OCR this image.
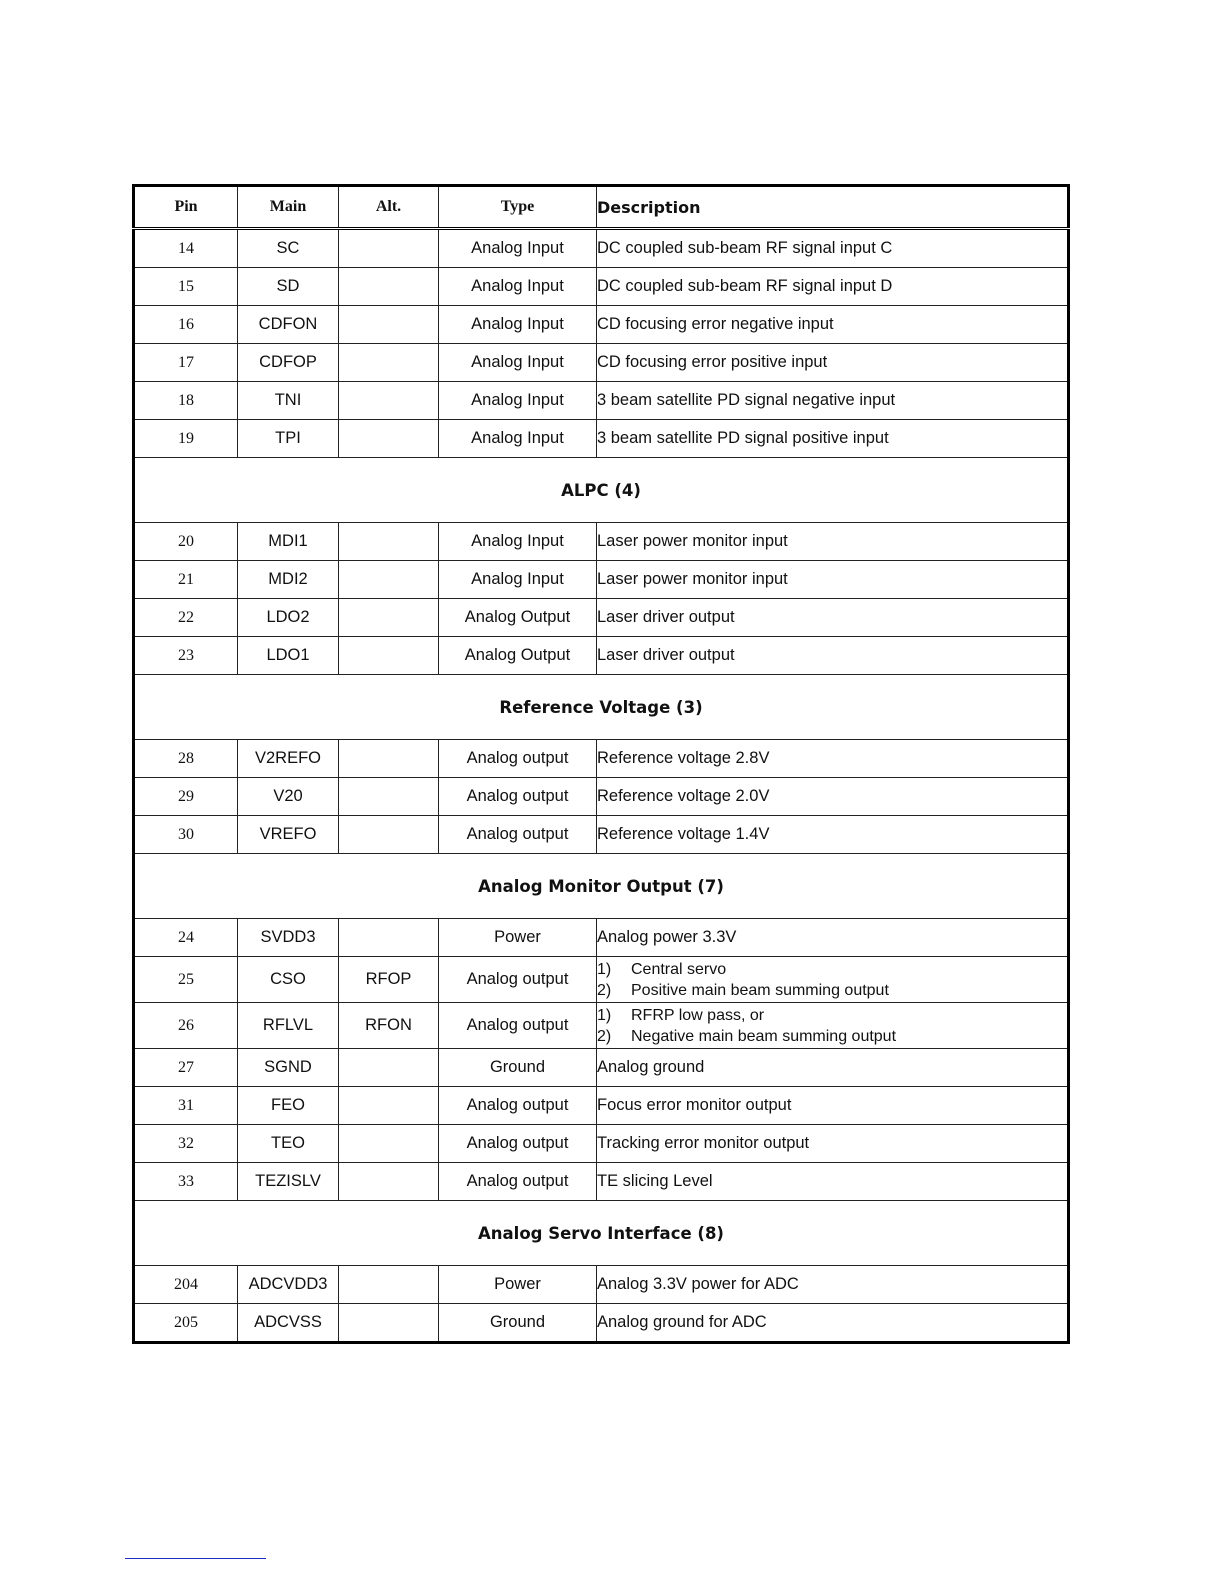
Pin	Main	Alt.	Type	Description
14	SC		Analog Input	DC coupled sub-beam RF signal input C
15	SD		Analog Input	DC coupled sub-beam RF signal input D
16	CDFON		Analog Input	CD focusing error negative input
17	CDFOP		Analog Input	CD focusing error positive input
18	TNI		Analog Input	3 beam satellite PD signal negative input
19	TPI		Analog Input	3 beam satellite PD signal positive input
ALPC (4)				
20	MDI1		Analog Input	Laser power monitor input
21	MDI2		Analog Input	Laser power monitor input
22	LDO2		Analog Output	Laser driver output
23	LDO1		Analog Output	Laser driver output
Reference Voltage (3)				
28	V2REFO		Analog output	Reference voltage 2.8V
29	V20		Analog output	Reference voltage 2.0V
30	VREFO		Analog output	Reference voltage 1.4V
Analog Monitor Output (7)				
24	SVDD3		Power	Analog power 3.3V
25	CSO	RFOP	Analog output	1) Central servo
2) Positive main beam summing output

26	RFLVL	RFON	Analog output	1) RFRP low pass, or
2) Negative main beam summing output

27	SGND		Ground	Analog ground
31	FEO		Analog output	Focus error monitor output
32	TEO		Analog output	Tracking error monitor output
33	TEZISLV		Analog output	TE slicing Level
Analog Servo Interface (8)				
204	ADCVDD3		Power	Analog 3.3V power for ADC
205	ADCVSS		Ground	Analog ground for ADC
